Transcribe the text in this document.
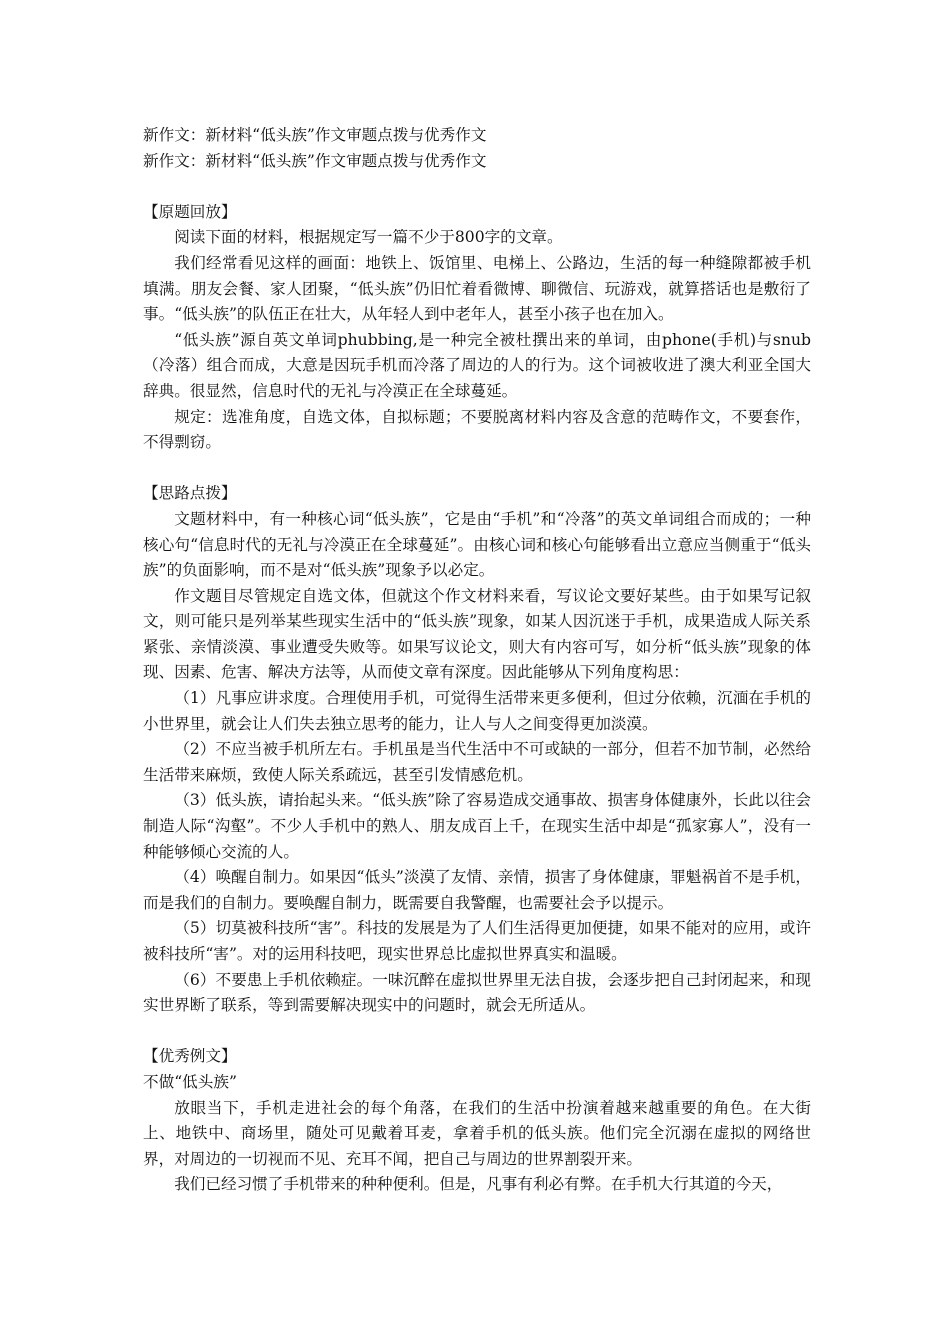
新作文：新材料“低头族”作文审题点拨与优秀作文

新作文：新材料“低头族”作文审题点拨与优秀作文

【原题回放】

阅读下面的材料，根据规定写一篇不少于800字的文章。

我们经常看见这样的画面：地铁上、饭馆里、电梯上、公路边，生活的每一种缝隙都被手机填满。朋友会餐、家人团聚，“低头族”仍旧忙着看微博、聊微信、玩游戏，就算搭话也是敷衍了事。“低头族”的队伍正在壮大，从年轻人到中老年人，甚至小孩子也在加入。

“低头族”源自英文单词phubbing,是一种完全被杜撰出来的单词，由phone(手机)与snub（冷落）组合而成，大意是因玩手机而冷落了周边的人的行为。这个词被收进了澳大利亚全国大辞典。很显然，信息时代的无礼与冷漠正在全球蔓延。

规定：选准角度，自选文体，自拟标题；不要脱离材料内容及含意的范畴作文，不要套作，不得剽窃。

【思路点拨】

文题材料中，有一种核心词“低头族”，它是由“手机”和“冷落”的英文单词组合而成的；一种核心句“信息时代的无礼与冷漠正在全球蔓延”。由核心词和核心句能够看出立意应当侧重于“低头族”的负面影响，而不是对“低头族”现象予以必定。

作文题目尽管规定自选文体，但就这个作文材料来看，写议论文要好某些。由于如果写记叙文，则可能只是列举某些现实生活中的“低头族”现象，如某人因沉迷于手机，成果造成人际关系紧张、亲情淡漠、事业遭受失败等。如果写议论文，则大有内容可写，如分析“低头族”现象的体现、因素、危害、解决方法等，从而使文章有深度。因此能够从下列角度构思：

（1）凡事应讲求度。合理使用手机，可觉得生活带来更多便利，但过分依赖，沉湎在手机的小世界里，就会让人们失去独立思考的能力，让人与人之间变得更加淡漠。

（2）不应当被手机所左右。手机虽是当代生活中不可或缺的一部分，但若不加节制，必然给生活带来麻烦，致使人际关系疏远，甚至引发情感危机。

（3）低头族，请抬起头来。“低头族”除了容易造成交通事故、损害身体健康外，长此以往会制造人际“沟壑”。不少人手机中的熟人、朋友成百上千，在现实生活中却是“孤家寡人”，没有一种能够倾心交流的人。

（4）唤醒自制力。如果因“低头”淡漠了友情、亲情，损害了身体健康，罪魁祸首不是手机，而是我们的自制力。要唤醒自制力，既需要自我警醒，也需要社会予以提示。

（5）切莫被科技所“害”。科技的发展是为了人们生活得更加便捷，如果不能对的应用，或许被科技所“害”。对的运用科技吧，现实世界总比虚拟世界真实和温暖。

（6）不要患上手机依赖症。一味沉醉在虚拟世界里无法自拔，会逐步把自己封闭起来，和现实世界断了联系，等到需要解决现实中的问题时，就会无所适从。

【优秀例文】

不做“低头族”

放眼当下，手机走进社会的每个角落，在我们的生活中扮演着越来越重要的角色。在大街上、地铁中、商场里，随处可见戴着耳麦，拿着手机的低头族。他们完全沉溺在虚拟的网络世界，对周边的一切视而不见、充耳不闻，把自己与周边的世界割裂开来。

我们已经习惯了手机带来的种种便利。但是，凡事有利必有弊。在手机大行其道的今天，
